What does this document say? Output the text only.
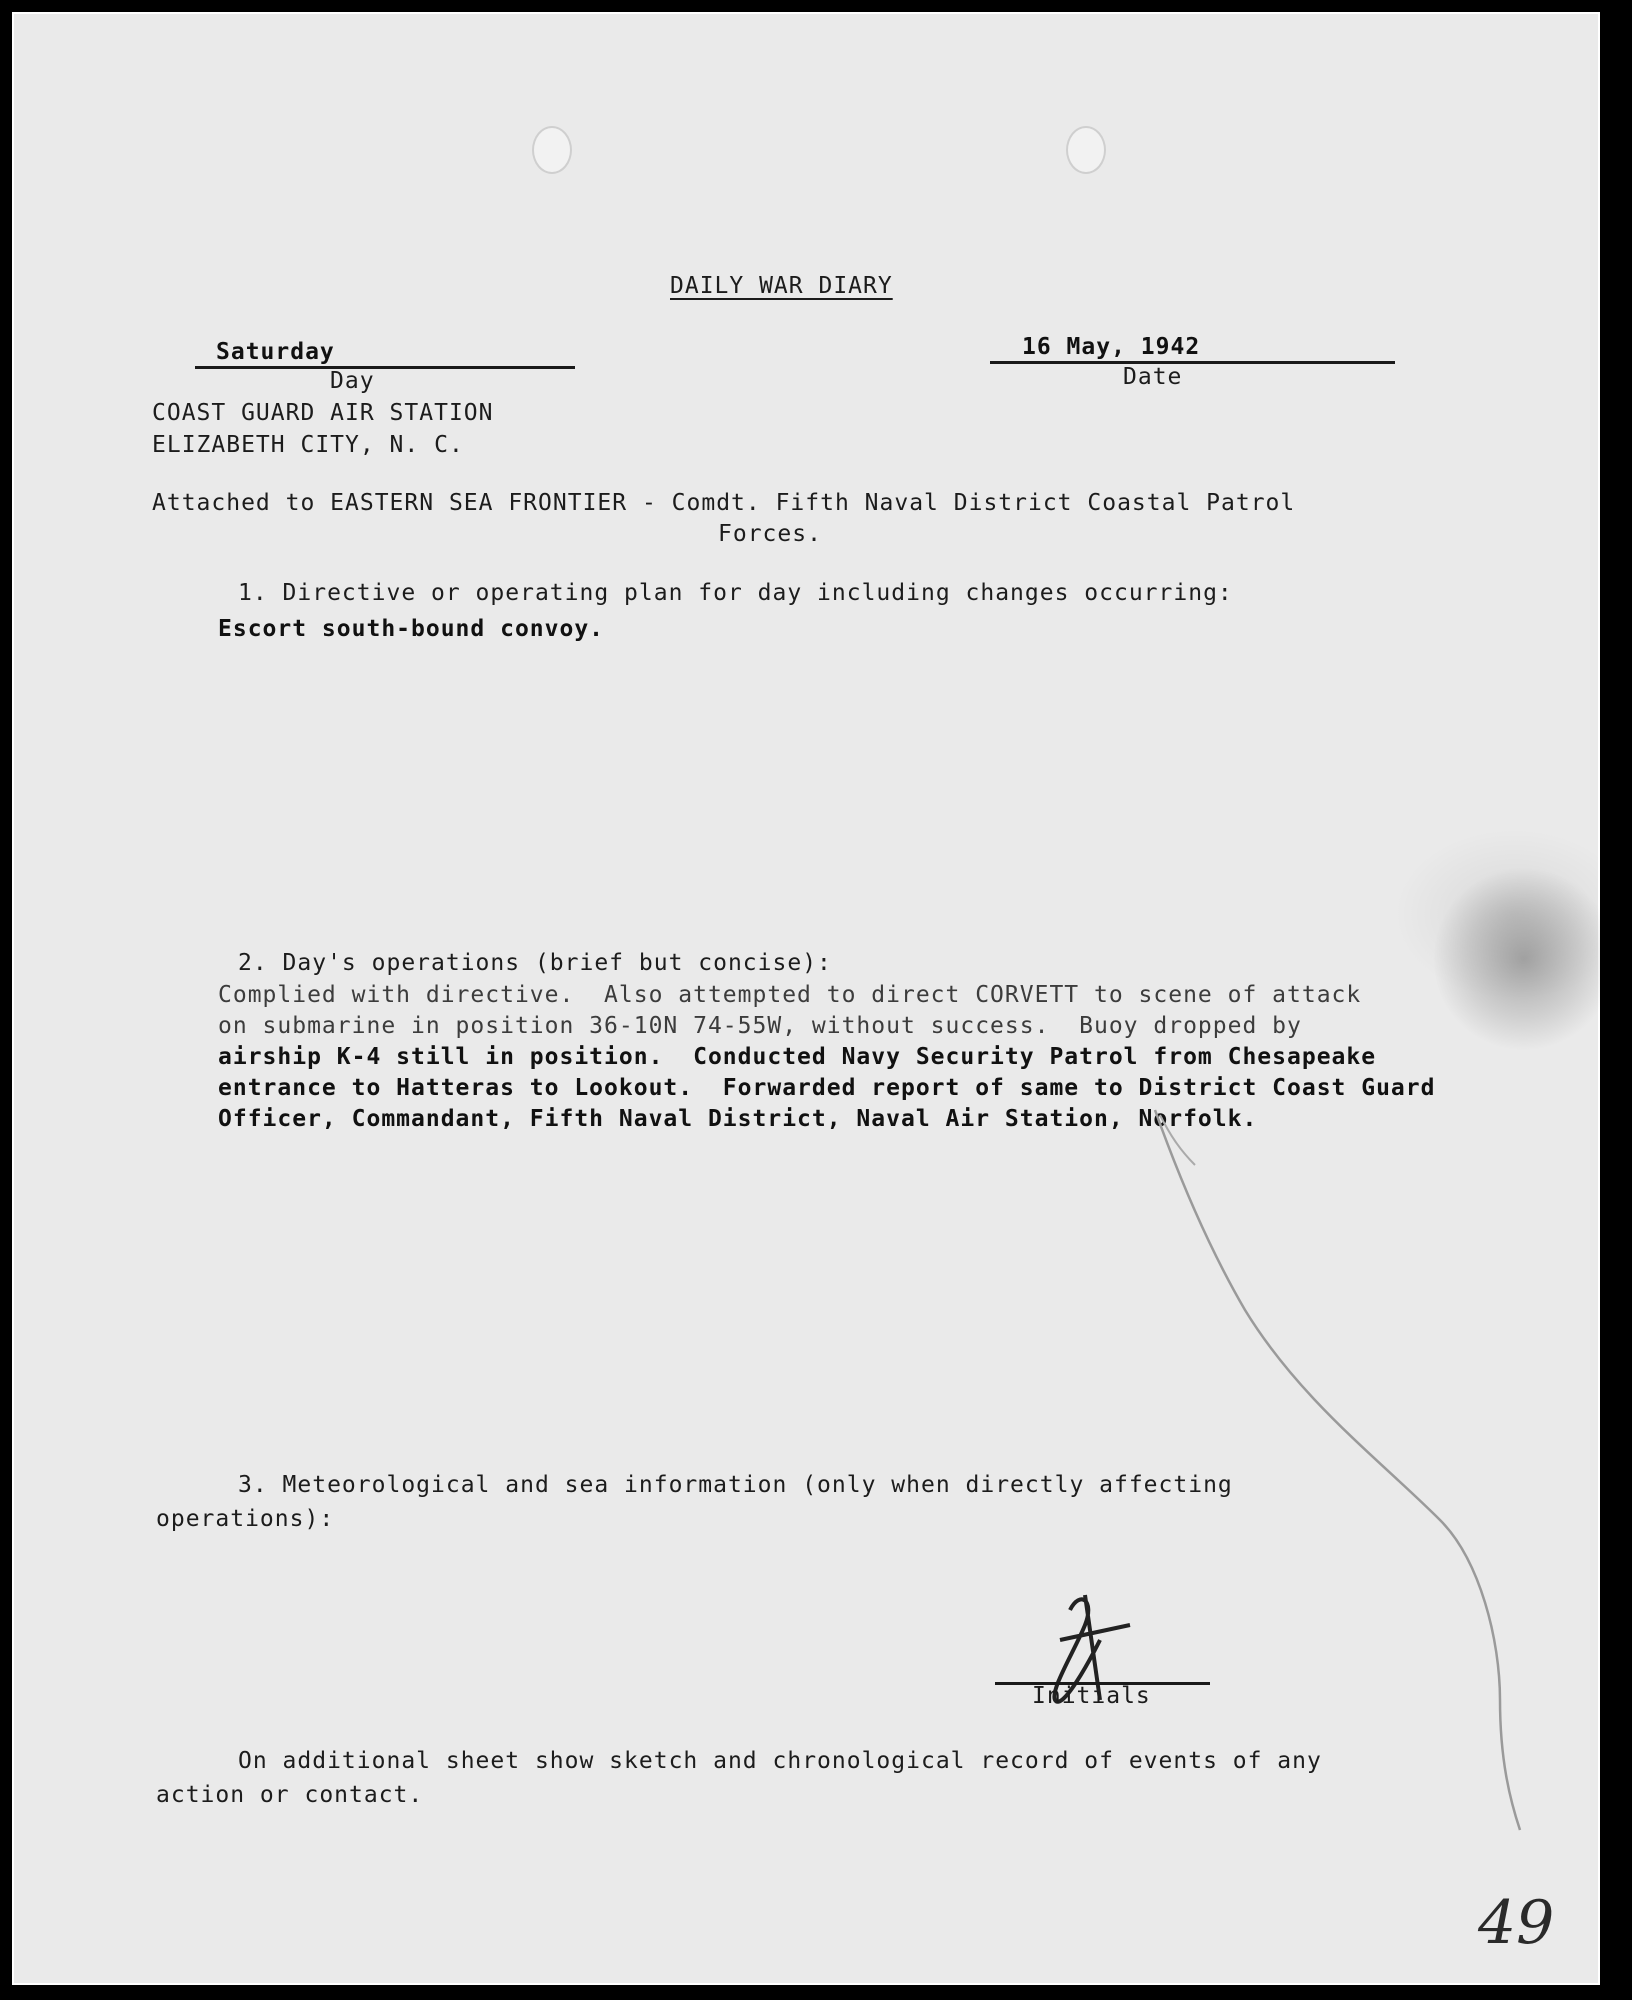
DAILY WAR DIARY
Saturday
Day
16 May, 1942
Date
COAST GUARD AIR STATION
ELIZABETH CITY, N. C.
Attached to EASTERN SEA FRONTIER - Comdt. Fifth Naval District Coastal Patrol
Forces.
1. Directive or operating plan for day including changes occurring:
Escort south-bound convoy.
2. Day's operations (brief but concise):
Complied with directive.  Also attempted to direct CORVETT to scene of attack
on submarine in position 36-10N 74-55W, without success.  Buoy dropped by
airship K-4 still in position.  Conducted Navy Security Patrol from Chesapeake
entrance to Hatteras to Lookout.  Forwarded report of same to District Coast Guard
Officer, Commandant, Fifth Naval District, Naval Air Station, Norfolk.
3. Meteorological and sea information (only when directly affecting
operations):
Initials
On additional sheet show sketch and chronological record of events of any
action or contact.
49
